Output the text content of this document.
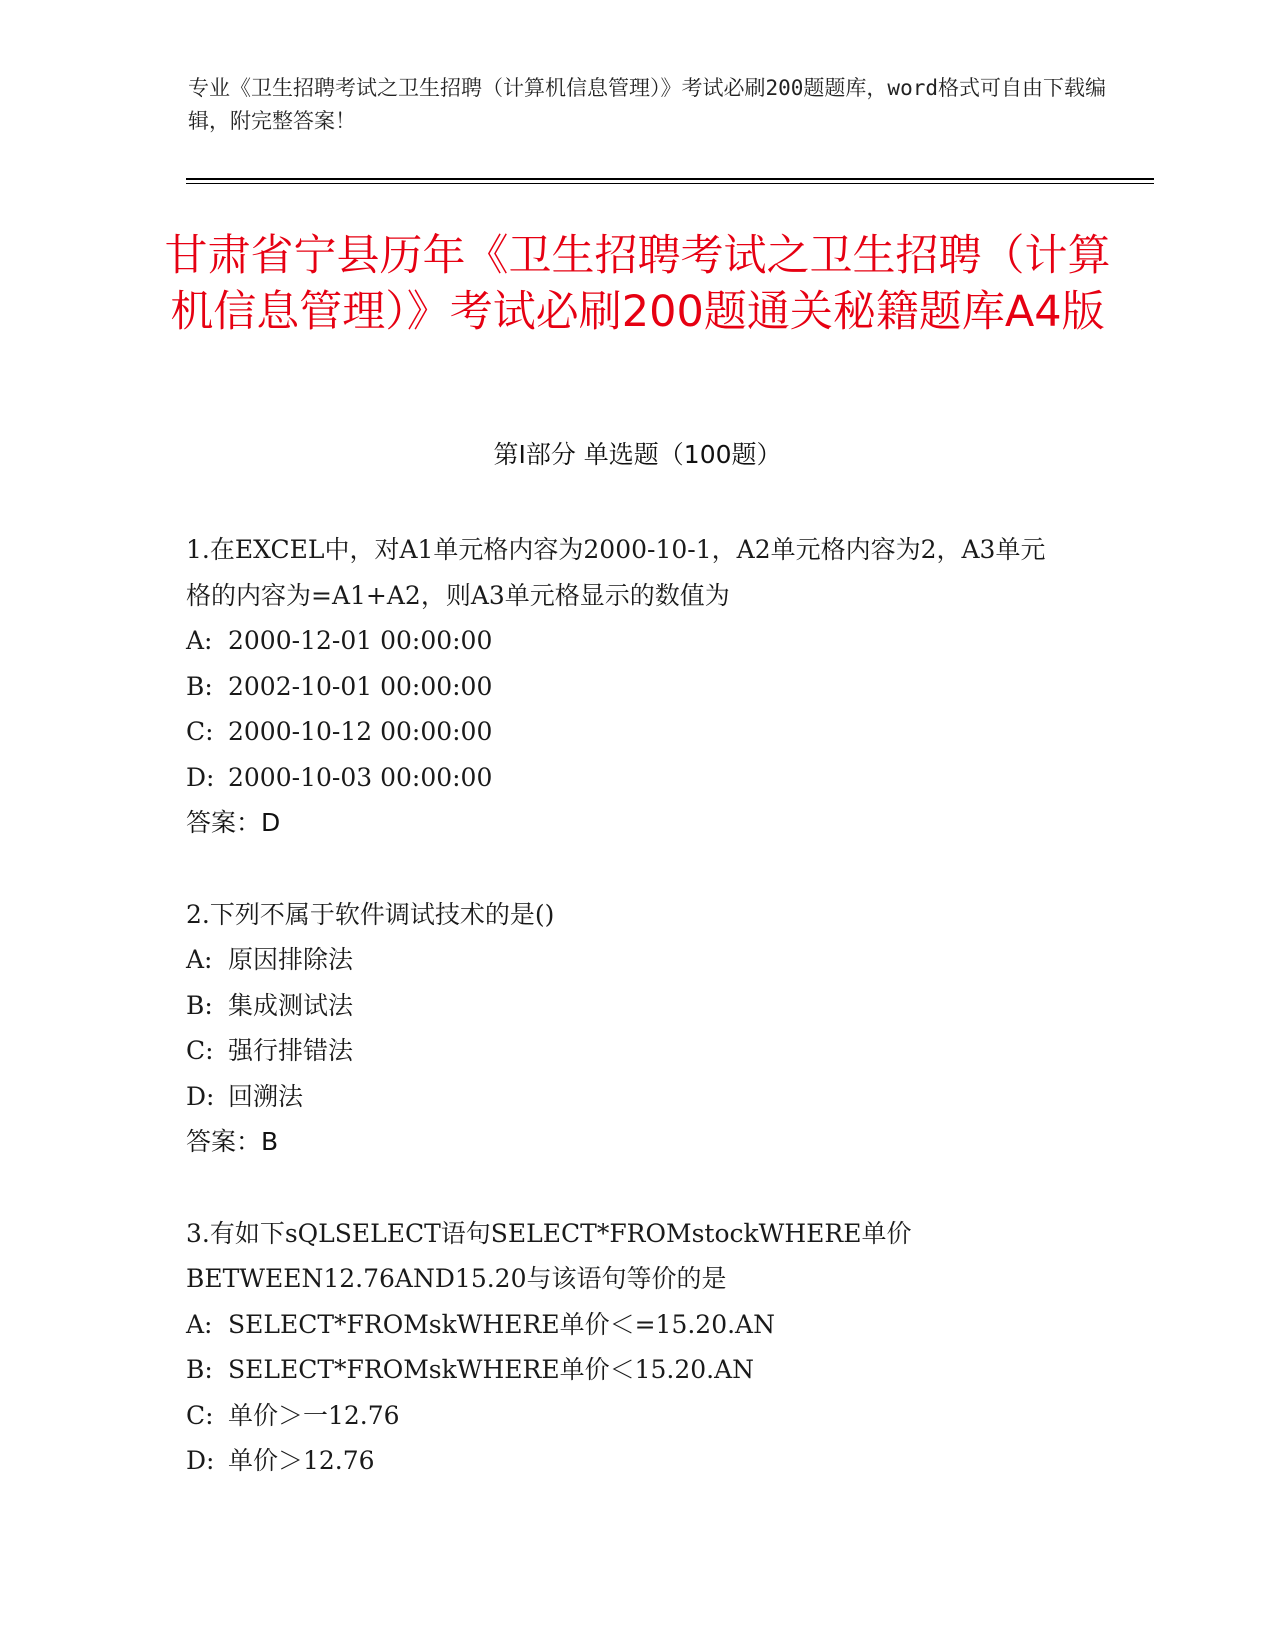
专业《卫生招聘考试之卫生招聘（计算机信息管理）》考试必刷200题题库，word格式可自由下载编辑，附完整答案！
甘肃省宁县历年《卫生招聘考试之卫生招聘（计算机信息管理）》考试必刷200题通关秘籍题库A4版
第Ⅰ部分 单选题（100题）
1.在EXCEL中，对A1单元格内容为2000-10-1，A2单元格内容为2，A3单元格的内容为=A1+A2，则A3单元格显示的数值为
A: 2000-12-01 00:00:00
B: 2002-10-01 00:00:00
C: 2000-10-12 00:00:00
D: 2000-10-03 00:00:00
答案：D
2.下列不属于软件调试技术的是()
A: 原因排除法
B: 集成测试法
C: 强行排错法
D: 回溯法
答案：B
3.有如下sQLSELECT语句SELECT*FROMstockWHERE单价BETWEEN12.76AND15.20与该语句等价的是
A: SELECT*FROMskWHERE单价＜=15.20.AN
B: SELECT*FROMskWHERE单价＜15.20.AN
C: 单价＞一12.76
D: 单价＞12.76
